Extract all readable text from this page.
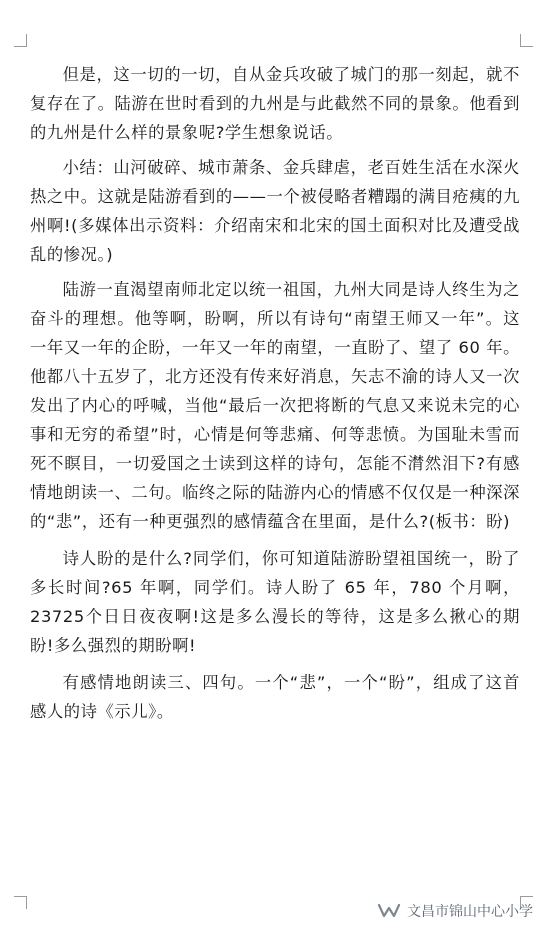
但是，这一切的一切，自从金兵攻破了城门的那一刻起，就不复存在了。陆游在世时看到的九州是与此截然不同的景象。他看到的九州是什么样的景象呢?学生想象说话。

小结：山河破碎、城市萧条、金兵肆虐，老百姓生活在水深火热之中。这就是陆游看到的——一个被侵略者糟蹋的满目疮痍的九州啊!(多媒体出示资料：介绍南宋和北宋的国土面积对比及遭受战乱的惨况。)

陆游一直渴望南师北定以统一祖国，九州大同是诗人终生为之奋斗的理想。他等啊，盼啊，所以有诗句“南望王师又一年”。这一年又一年的企盼，一年又一年的南望，一直盼了、望了 60 年。他都八十五岁了，北方还没有传来好消息，矢志不渝的诗人又一次发出了内心的呼喊，当他“最后一次把将断的气息又来说未完的心事和无穷的希望”时，心情是何等悲痛、何等悲愤。为国耻未雪而死不瞑目，一切爱国之士读到这样的诗句，怎能不潸然泪下?有感情地朗读一、二句。临终之际的陆游内心的情感不仅仅是一种深深的“悲”，还有一种更强烈的感情蕴含在里面，是什么?(板书：盼)

诗人盼的是什么?同学们，你可知道陆游盼望祖国统一，盼了多长时间?65 年啊，同学们。诗人盼了 65 年，780 个月啊，23725个日日夜夜啊!这是多么漫长的等待，这是多么揪心的期盼!多么强烈的期盼啊!

有感情地朗读三、四句。一个“悲”，一个“盼”，组成了这首感人的诗《示儿》。

文昌市锦山中心小学
